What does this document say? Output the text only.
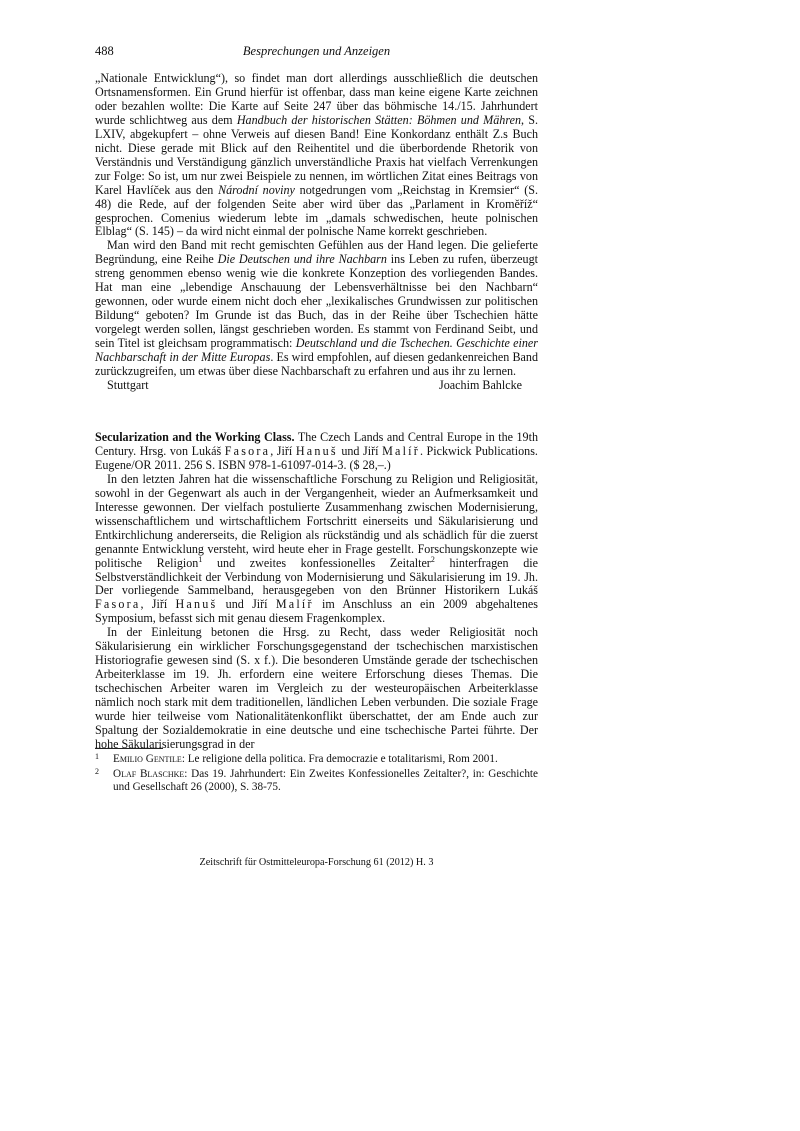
488	Besprechungen und Anzeigen

„Nationale Entwicklung“), so findet man dort allerdings ausschließlich die deutschen Ortsnamensformen. Ein Grund hierfür ist offenbar, dass man keine eigene Karte zeichnen oder bezahlen wollte: Die Karte auf Seite 247 über das böhmische 14./15. Jahrhundert wurde schlichtweg aus dem Handbuch der historischen Stätten: Böhmen und Mähren, S. LXIV, abgekupfert – ohne Verweis auf diesen Band! Eine Konkordanz enthält Z.s Buch nicht. Diese gerade mit Blick auf den Reihentitel und die überbordende Rhetorik von Verständnis und Verständigung gänzlich unverständliche Praxis hat vielfach Verrenkungen zur Folge: So ist, um nur zwei Beispiele zu nennen, im wörtlichen Zitat eines Beitrags von Karel Havlíček aus den Národní noviny notgedrungen vom „Reichstag in Kremsier“ (S. 48) die Rede, auf der folgenden Seite aber wird über das „Parlament in Kroměříž“ gesprochen. Comenius wiederum lebte im „damals schwedischen, heute polnischen Elblag“ (S. 145) – da wird nicht einmal der polnische Name korrekt geschrieben.

Man wird den Band mit recht gemischten Gefühlen aus der Hand legen. Die gelieferte Begründung, eine Reihe Die Deutschen und ihre Nachbarn ins Leben zu rufen, überzeugt streng genommen ebenso wenig wie die konkrete Konzeption des vorliegenden Bandes. Hat man eine „lebendige Anschauung der Lebensverhältnisse bei den Nachbarn“ gewonnen, oder wurde einem nicht doch eher „lexikalisches Grundwissen zur politischen Bildung“ geboten? Im Grunde ist das Buch, das in der Reihe über Tschechien hätte vorgelegt werden sollen, längst geschrieben worden. Es stammt von Ferdinand Seibt, und sein Titel ist gleichsam programmatisch: Deutschland und die Tschechen. Geschichte einer Nachbarschaft in der Mitte Europas. Es wird empfohlen, auf diesen gedankenreichen Band zurückzugreifen, um etwas über diese Nachbarschaft zu erfahren und aus ihr zu lernen.

Stuttgart	Joachim Bahlcke

Secularization and the Working Class. The Czech Lands and Central Europe in the 19th Century. Hrsg. von Lukáš Fasora, Jiří Hanuš und Jiří Malíř. Pickwick Publications. Eugene/OR 2011. 256 S. ISBN 978-1-61097-014-3. ($ 28,–.)

In den letzten Jahren hat die wissenschaftliche Forschung zu Religion und Religiosität, sowohl in der Gegenwart als auch in der Vergangenheit, wieder an Aufmerksamkeit und Interesse gewonnen. Der vielfach postulierte Zusammenhang zwischen Modernisierung, wissenschaftlichem und wirtschaftlichem Fortschritt einerseits und Säkularisierung und Entkirchlichung andererseits, die Religion als rückständig und als schädlich für die zuerst genannte Entwicklung versteht, wird heute eher in Frage gestellt. Forschungskonzepte wie politische Religion$^1$ und zweites konfessionelles Zeitalter$^2$ hinterfragen die Selbstverständlichkeit der Verbindung von Modernisierung und Säkularisierung im 19. Jh. Der vorliegende Sammelband, herausgegeben von den Brünner Historikern Lukáš Fasora, Jiří Hanuš und Jiří Malíř im Anschluss an ein 2009 abgehaltenes Symposium, befasst sich mit genau diesem Fragenkomplex.

In der Einleitung betonen die Hrsg. zu Recht, dass weder Religiosität noch Säkularisierung ein wirklicher Forschungsgegenstand der tschechischen marxistischen Historiografie gewesen sind (S. x f.). Die besonderen Umstände gerade der tschechischen Arbeiterklasse im 19. Jh. erfordern eine weitere Erforschung dieses Themas. Die tschechischen Arbeiter waren im Vergleich zu der westeuropäischen Arbeiterklasse nämlich noch stark mit dem traditionellen, ländlichen Leben verbunden. Die soziale Frage wurde hier teilweise vom Nationalitätenkonflikt überschattet, der am Ende auch zur Spaltung der Sozialdemokratie in eine deutsche und eine tschechische Partei führte. Der hohe Säkularisierungsgrad in der

1 Emilio Gentile: Le religione della politica. Fra democrazie e totalitarismi, Rom 2001.
2 Olaf Blaschke: Das 19. Jahrhundert: Ein Zweites Konfessionelles Zeitalter?, in: Geschichte und Gesellschaft 26 (2000), S. 38-75.
Zeitschrift für Ostmitteleuropa-Forschung 61 (2012) H. 3
